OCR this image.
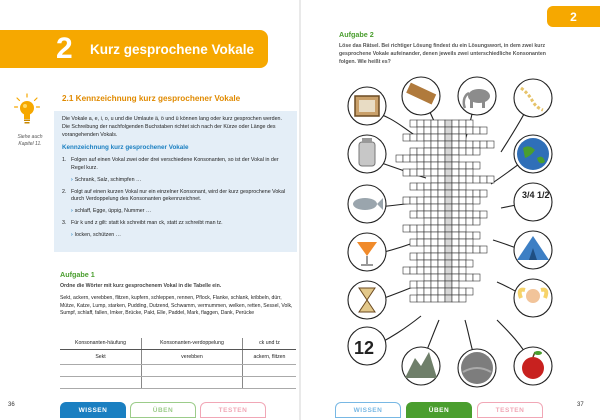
2	Kurz gesprochene Vokale
Siehe auch Kapitel 11.
2.1 Kennzeichnung kurz gesprochener Vokale
Die Vokale a, e, i, o, u und die Umlaute ä, ö und ü können lang oder kurz gesprochen werden. Die Schreibung der nachfolgenden Buchstaben richtet sich nach der Kürze oder Länge des vorangehenden Vokals.
Kennzeichnung kurz gesprochener Vokale
1. Folgen auf einen Vokal zwei oder drei verschiedene Konsonanten, so ist der Vokal in der Regel kurz.
› Schrank, Salz, schimpfen …
2. Folgt auf einen kurzen Vokal nur ein einzelner Konsonant, wird der kurz gesprochene Vokal durch Verdoppelung des Konsonanten gekennzeichnet.
› schlaff, Egge, üppig, Nummer …
3. Für k und z gilt: statt kk schreibt man ck, statt zz schreibt man tz.
› locken, schützen …
Aufgabe 1
Ordne die Wörter mit kurz gesprochenem Vokal in die Tabelle ein.
Sekt, ackern, verebben, flitzen, kupfern, schleppen, rennen, Pflock, Flanke, schlank, kribbeln, dürr, Mütze, Katze, Lump, starken, Pudding, Dutzend, Schwamm, vermummen, welken, retten, Sessel, Volk, Sumpf, schlaff, fallen, Imker, Brücke, Pakt, Elle, Paddel, Mark, flaggen, Dank, Perücke
Konsonanten-häufung	Konsonanten-verdoppelung	ck und tz
Sekt	verebben	ackern, flitzen

36
WISSEN	ÜBEN	TESTEN
2
Aufgabe 2
Löse das Rätsel. Bei richtiger Lösung findest du ein Lösungswort, in dem zwei kurz gesprochene Vokale aufeinander, denen jeweils zwei unterschiedliche Konsonanten folgen. Wie heißt es?
3/4 1/2
12
37
WISSEN	ÜBEN	TESTEN
